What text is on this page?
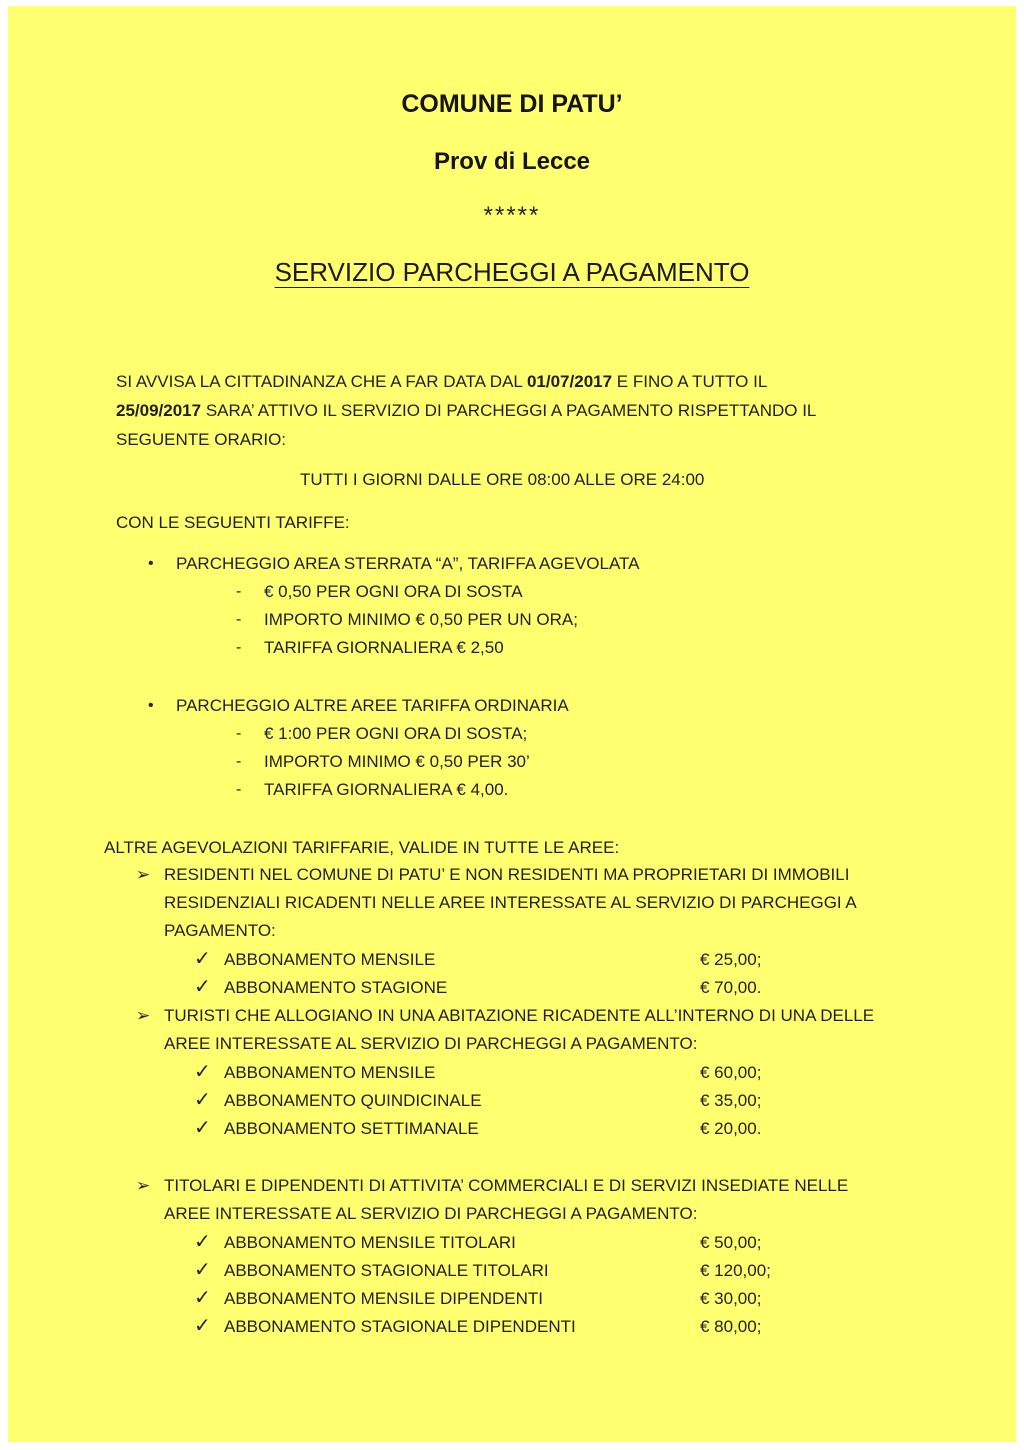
COMUNE DI PATU’
Prov di Lecce
*****
SERVIZIO PARCHEGGI A PAGAMENTO
SI AVVISA LA CITTADINANZA CHE A FAR DATA DAL 01/07/2017 E FINO A TUTTO IL
25/09/2017 SARA’ ATTIVO IL SERVIZIO DI PARCHEGGI A PAGAMENTO RISPETTANDO IL
SEGUENTE ORARIO:
TUTTI I GIORNI DALLE ORE 08:00 ALLE ORE 24:00
CON LE SEGUENTI TARIFFE:
• PARCHEGGIO AREA STERRATA “A”, TARIFFA AGEVOLATA
- € 0,50 PER OGNI ORA DI SOSTA
- IMPORTO MINIMO € 0,50 PER UN ORA;
- TARIFFA GIORNALIERA € 2,50
• PARCHEGGIO ALTRE AREE TARIFFA ORDINARIA
- € 1:00 PER OGNI ORA DI SOSTA;
- IMPORTO MINIMO € 0,50 PER 30’
- TARIFFA GIORNALIERA € 4,00.
ALTRE AGEVOLAZIONI TARIFFARIE, VALIDE IN TUTTE LE AREE:
➢ RESIDENTI NEL COMUNE DI PATU’ E NON RESIDENTI MA PROPRIETARI DI IMMOBILI
RESIDENZIALI RICADENTI NELLE AREE INTERESSATE AL SERVIZIO DI PARCHEGGI A
PAGAMENTO:
✓ ABBONAMENTO MENSILE	€ 25,00;
✓ ABBONAMENTO STAGIONE	€ 70,00.
➢ TURISTI CHE ALLOGIANO IN UNA ABITAZIONE RICADENTE ALL’INTERNO DI UNA DELLE
AREE INTERESSATE AL SERVIZIO DI PARCHEGGI A PAGAMENTO:
✓ ABBONAMENTO MENSILE	€ 60,00;
✓ ABBONAMENTO QUINDICINALE	€ 35,00;
✓ ABBONAMENTO SETTIMANALE	€ 20,00.
➢ TITOLARI E DIPENDENTI DI ATTIVITA’ COMMERCIALI E DI SERVIZI INSEDIATE NELLE
AREE INTERESSATE AL SERVIZIO DI PARCHEGGI A PAGAMENTO:
✓ ABBONAMENTO MENSILE TITOLARI	€ 50,00;
✓ ABBONAMENTO STAGIONALE TITOLARI	€ 120,00;
✓ ABBONAMENTO MENSILE DIPENDENTI	€ 30,00;
✓ ABBONAMENTO STAGIONALE DIPENDENTI	€ 80,00;
